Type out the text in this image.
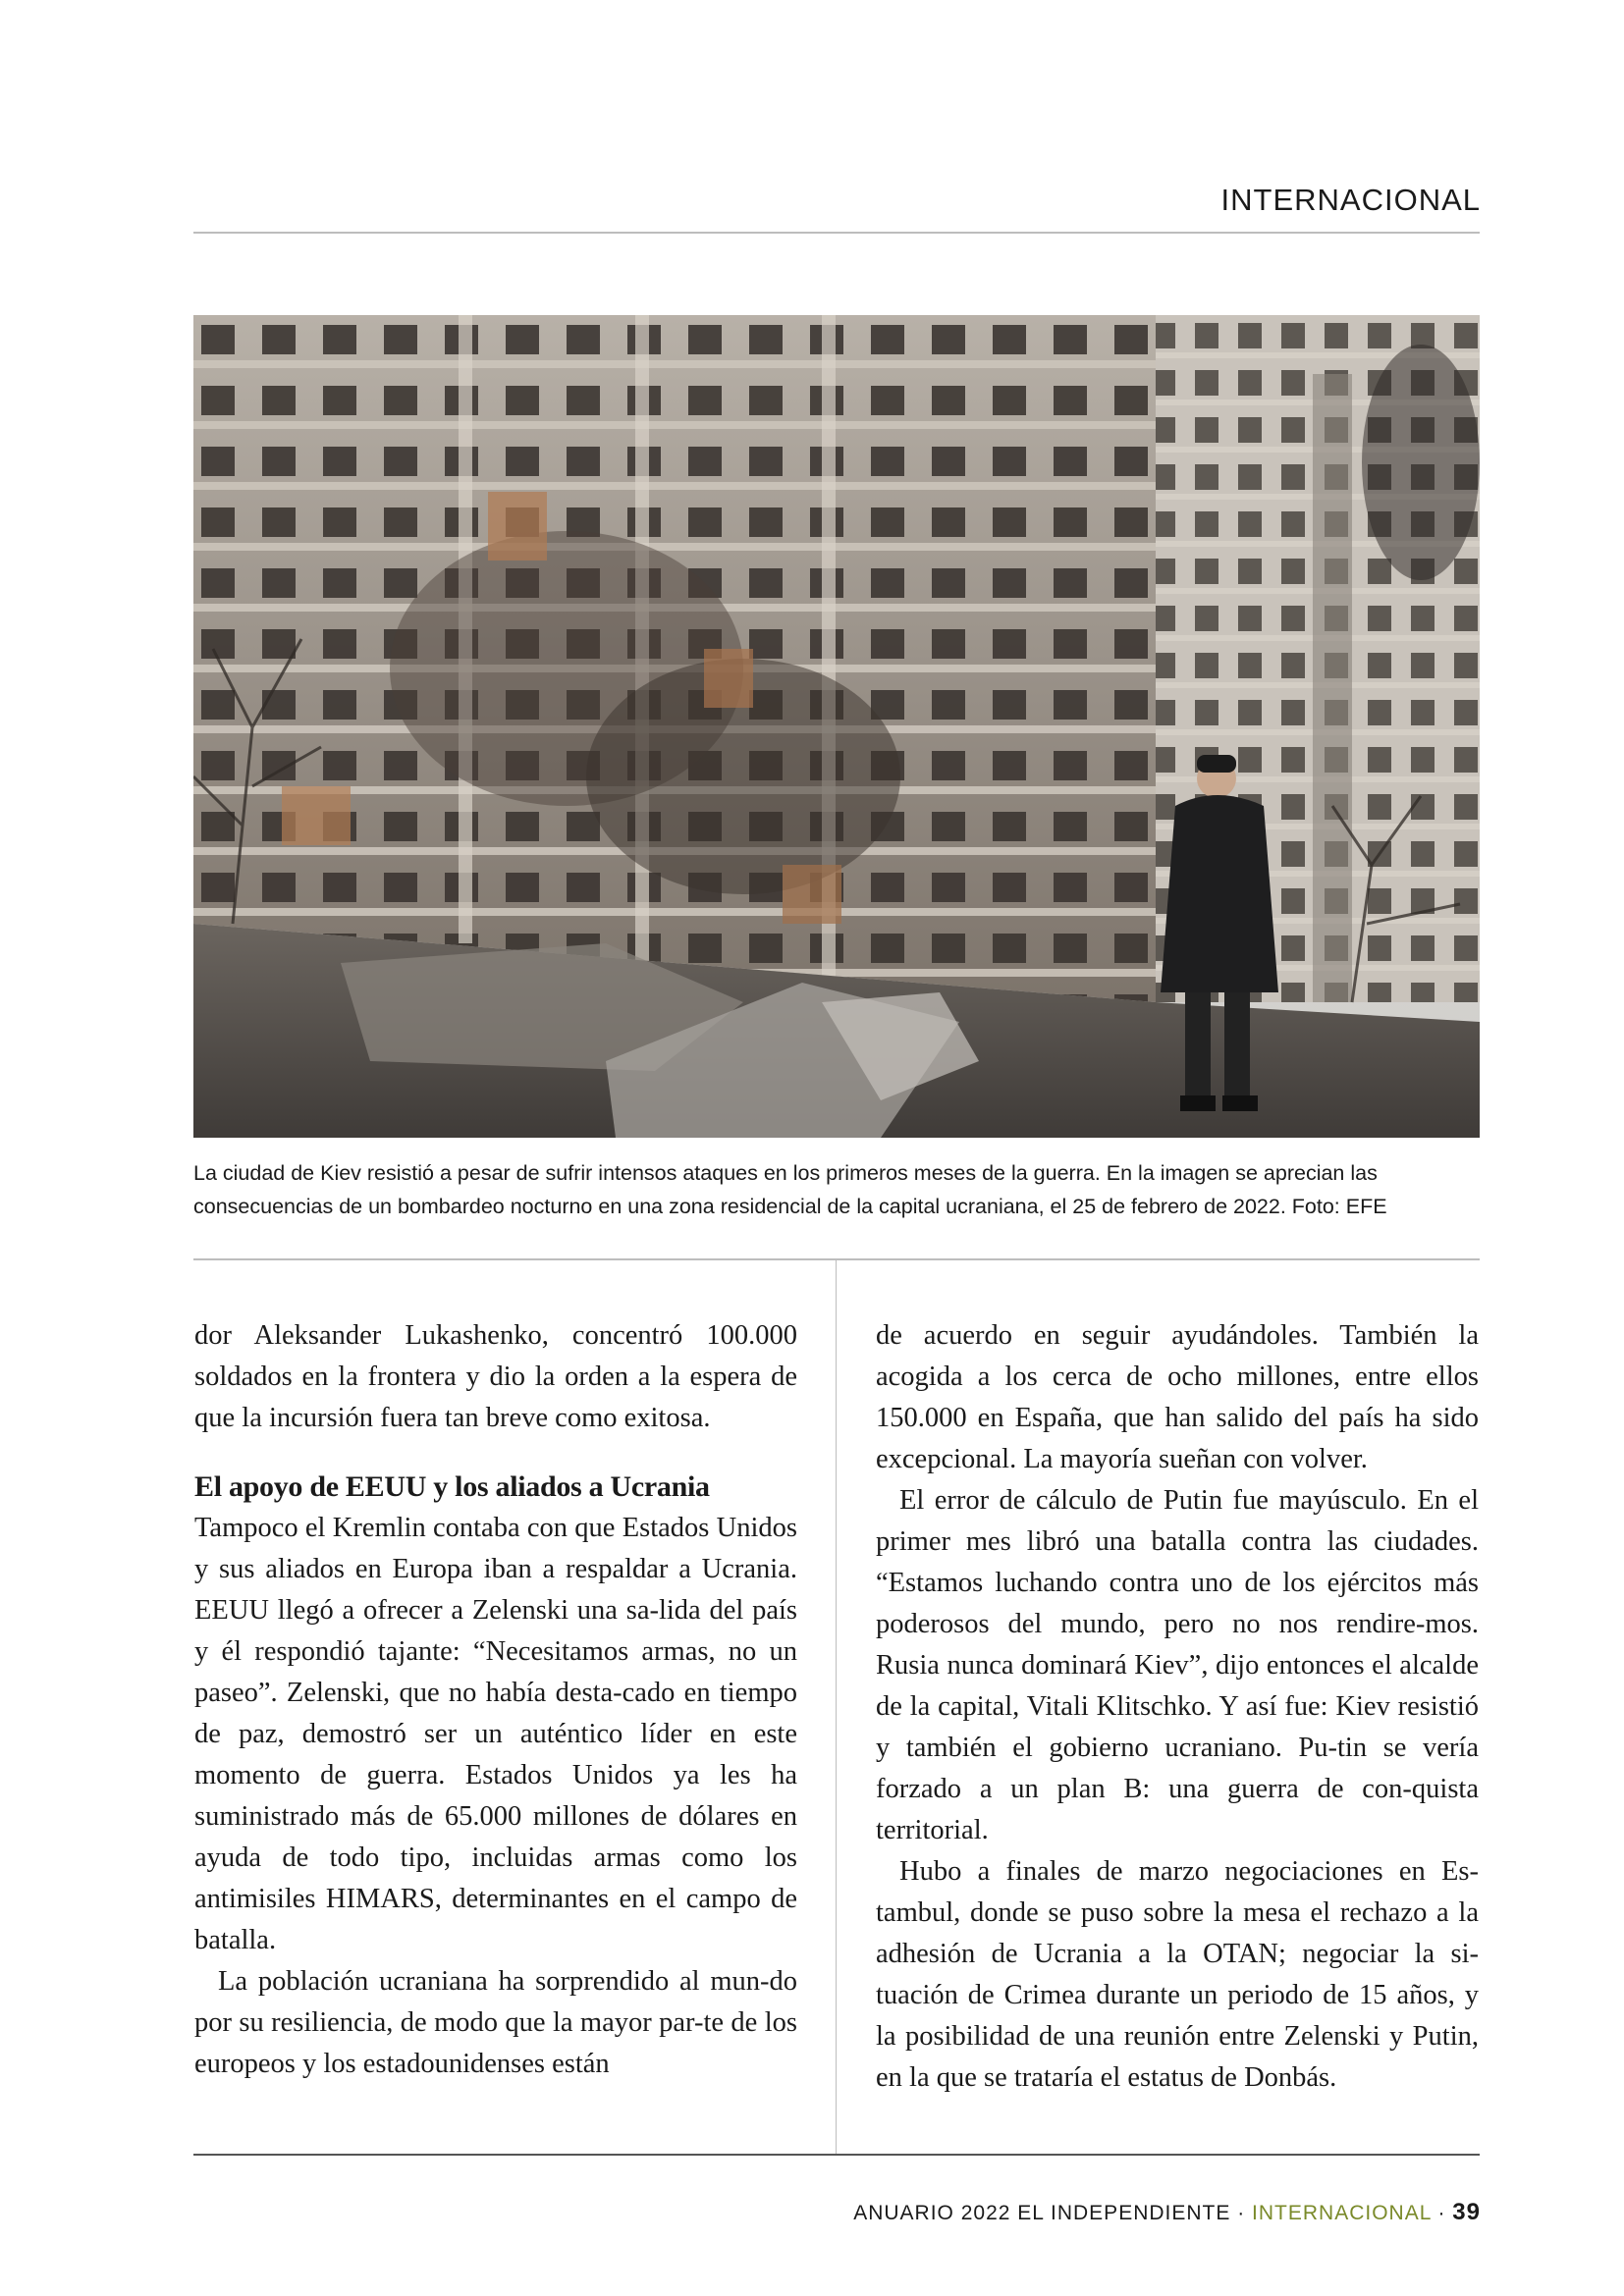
INTERNACIONAL

La ciudad de Kiev resistió a pesar de sufrir intensos ataques en los primeros meses de la guerra. En la imagen se aprecian las
consecuencias de un bombardeo nocturno en una zona residencial de la capital ucraniana, el 25 de febrero de 2022. Foto: EFE

dor Aleksander Lukashenko, concentró 100.000 soldados en la frontera y dio la orden a la espera de que la incursión fuera tan breve como exitosa.

El apoyo de EEUU y los aliados a Ucrania

Tampoco el Kremlin contaba con que Estados Unidos y sus aliados en Europa iban a respaldar a Ucrania. EEUU llegó a ofrecer a Zelenski una sa-lida del país y él respondió tajante: “Necesitamos armas, no un paseo”. Zelenski, que no había desta-cado en tiempo de paz, demostró ser un auténtico líder en este momento de guerra. Estados Unidos ya les ha suministrado más de 65.000 millones de dólares en ayuda de todo tipo, incluidas armas como los antimisiles HIMARS, determinantes en el campo de batalla.

La población ucraniana ha sorprendido al mun-do por su resiliencia, de modo que la mayor par-te de los europeos y los estadounidenses están

de acuerdo en seguir ayudándoles. También la acogida a los cerca de ocho millones, entre ellos 150.000 en España, que han salido del país ha sido excepcional. La mayoría sueñan con volver.

El error de cálculo de Putin fue mayúsculo. En el primer mes libró una batalla contra las ciudades. “Estamos luchando contra uno de los ejércitos más poderosos del mundo, pero no nos rendire-mos. Rusia nunca dominará Kiev”, dijo entonces el alcalde de la capital, Vitali Klitschko. Y así fue: Kiev resistió y también el gobierno ucraniano. Pu-tin se vería forzado a un plan B: una guerra de con-quista territorial.

Hubo a finales de marzo negociaciones en Es-tambul, donde se puso sobre la mesa el rechazo a la adhesión de Ucrania a la OTAN; negociar la si-tuación de Crimea durante un periodo de 15 años, y la posibilidad de una reunión entre Zelenski y Putin, en la que se trataría el estatus de Donbás.

ANUARIO 2022 EL INDEPENDIENTE · INTERNACIONAL · 39
